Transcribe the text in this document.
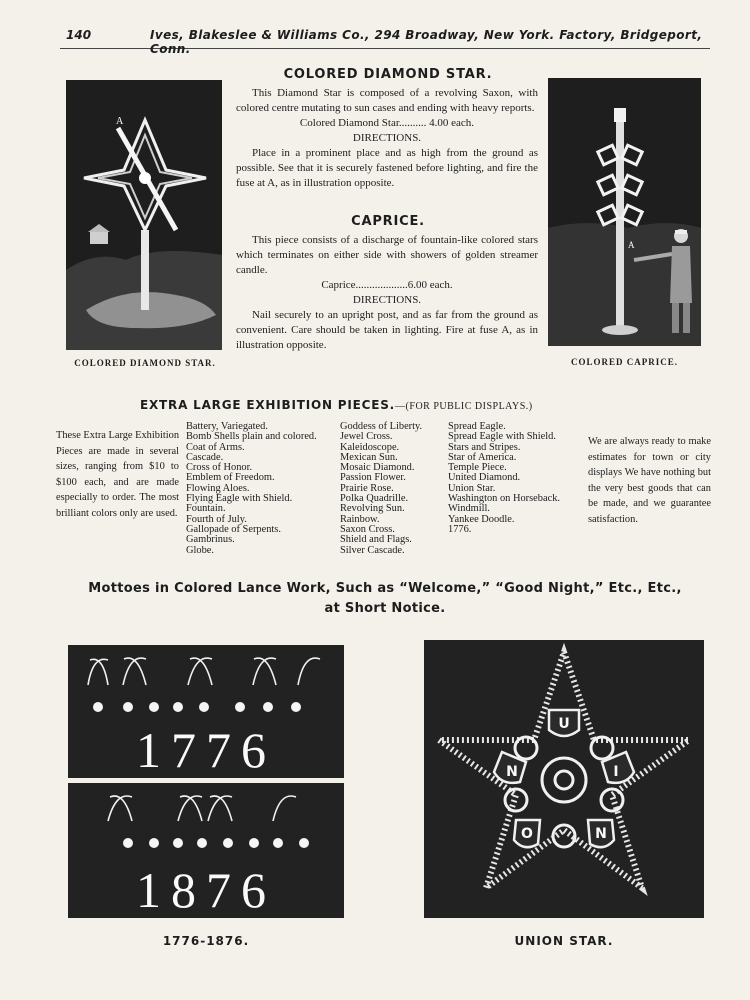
140	Ives, Blakeslee & Williams Co., 294 Broadway, New York. Factory, Bridgeport, Conn.
A
COLORED DIAMOND STAR.
COLORED DIAMOND STAR.

This Diamond Star is composed of a revolving Saxon, with colored centre mutating to sun cases and ending with heavy reports.

Colored Diamond Star.......... 4.00 each.

DIRECTIONS.

Place in a prominent place and as high from the ground as possible. See that it is securely fastened before lighting, and fire the fuse at A, as in illustration opposite.

CAPRICE.

This piece consists of a discharge of fountain-like colored stars which terminates on either side with showers of golden streamer candle.

Caprice...................6.00 each.

DIRECTIONS.

Nail securely to an upright post, and as far from the ground as convenient. Care should be taken in lighting. Fire at fuse A, as in illustration opposite.

A
COLORED CAPRICE.
EXTRA LARGE EXHIBITION PIECES.—(FOR PUBLIC DISPLAYS.)
These Extra Large Exhibition Pieces are made in several sizes, ranging from $10 to $100 each, and are made especially to order. The most brilliant colors only are used.
Battery, Variegated.
Bomb Shells plain and colored.
Coat of Arms.
Cascade.
Cross of Honor.
Emblem of Freedom.
Flowing Aloes.
Flying Eagle with Shield.
Fountain.
Fourth of July.
Gallopade of Serpents.
Gambrinus.
Globe.
Goddess of Liberty.
Jewel Cross.
Kaleidoscope.
Mexican Sun.
Mosaic Diamond.
Passion Flower.
Prairie Rose.
Polka Quadrille.
Revolving Sun.
Rainbow.
Saxon Cross.
Shield and Flags.
Silver Cascade.
Spread Eagle.
Spread Eagle with Shield.
Stars and Stripes.
Star of America.
Temple Piece.
United Diamond.
Union Star.
Washington on Horseback.
Windmill.
Yankee Doodle.
1776.
We are always ready to make estimates for town or city displays We have nothing but the very best goods that can be made, and we guarantee satisfaction.
Mottoes in Colored Lance Work, Such as “Welcome,” “Good Night,” Etc., Etc.,
at Short Notice.
1776
1876
1776-1876.
U
N	I
O	N
UNION STAR.
